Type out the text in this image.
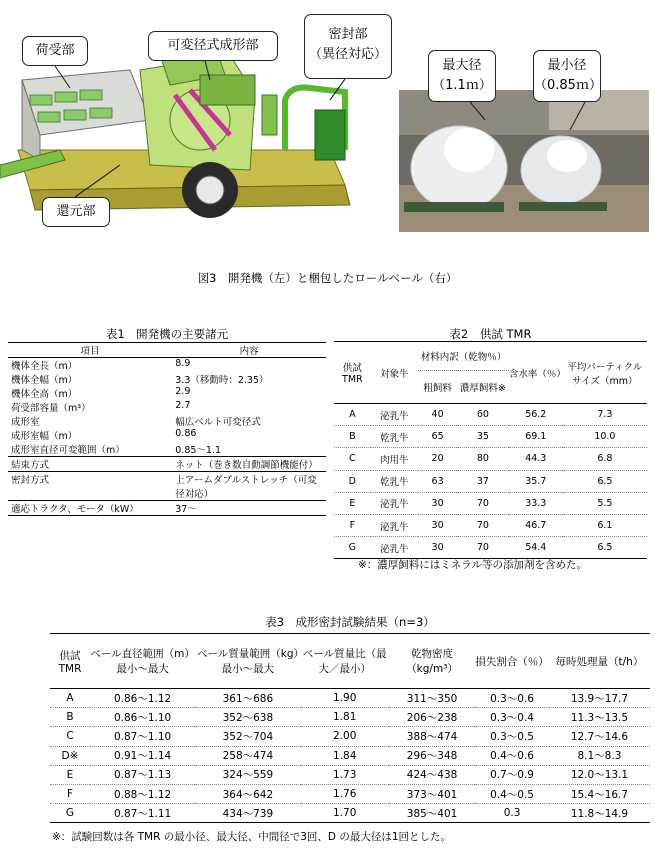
荷受部	可変径式成形部
密封部
（異径対応）
還元部
最大径
（1.1ｍ）
最小径
（0.85ｍ）
図3　開発機（左）と梱包したロールベール（右）
表1　開発機の主要諸元
項目	内容
機体全長（m）	8.9
機体全幅（m）	3.3（移動時：2.35）
機体全高（m）	2.9
荷受部容量（m³）	2.7
成形室	幅広ベルト可変径式
成形室幅（m）	0.86
成形室直径可変範囲（m）	0.85～1.1
結束方式	ネット（巻き数自動調節機能付）
密封方式	上アームダブルストレッチ（可変径対応）
適応トラクタ、モータ（kW）	37～
表2　供試 TMR
供試 TMR	対象牛	材料内訳（乾物％）		含水率（％）	平均パーティクルサイズ（mm）
		粗飼料	濃厚飼料※		
A	泌乳牛	40	60	56.2	7.3
B	乾乳牛	65	35	69.1	10.0
C	肉用牛	20	80	44.3	6.8
D	乾乳牛	63	37	35.7	6.5
E	泌乳牛	30	70	33.3	5.5
F	泌乳牛	30	70	46.7	6.1
G	泌乳牛	30	70	54.4	6.5
※：濃厚飼料にはミネラル等の添加剤を含めた。
表3　成形密封試験結果（n=3）
供試 TMR	ベール直径範囲（m）最小～最大	ベール質量範囲（kg）最小～最大	ベール質量比（最大／最小）	乾物密度（kg/m³）	損失割合（％）	毎時処理量（t/h）
A	0.86～1.12	361～686	1.90	311～350	0.3～0.6	13.9～17.7
B	0.86～1.10	352～638	1.81	206～238	0.3～0.4	11.3～13.5
C	0.87～1.10	352～704	2.00	388～474	0.3～0.5	12.7～14.6
D※	0.91～1.14	258～474	1.84	296～348	0.4～0.6	8.1～8.3
E	0.87～1.13	324～559	1.73	424～438	0.7～0.9	12.0～13.1
F	0.88～1.12	364～642	1.76	373～401	0.4～0.5	15.4～16.7
G	0.87～1.11	434～739	1.70	385～401	0.3	11.8～14.9
※：試験回数は各 TMR の最小径、最大径、中間径で3回、D の最大径は1回とした。
